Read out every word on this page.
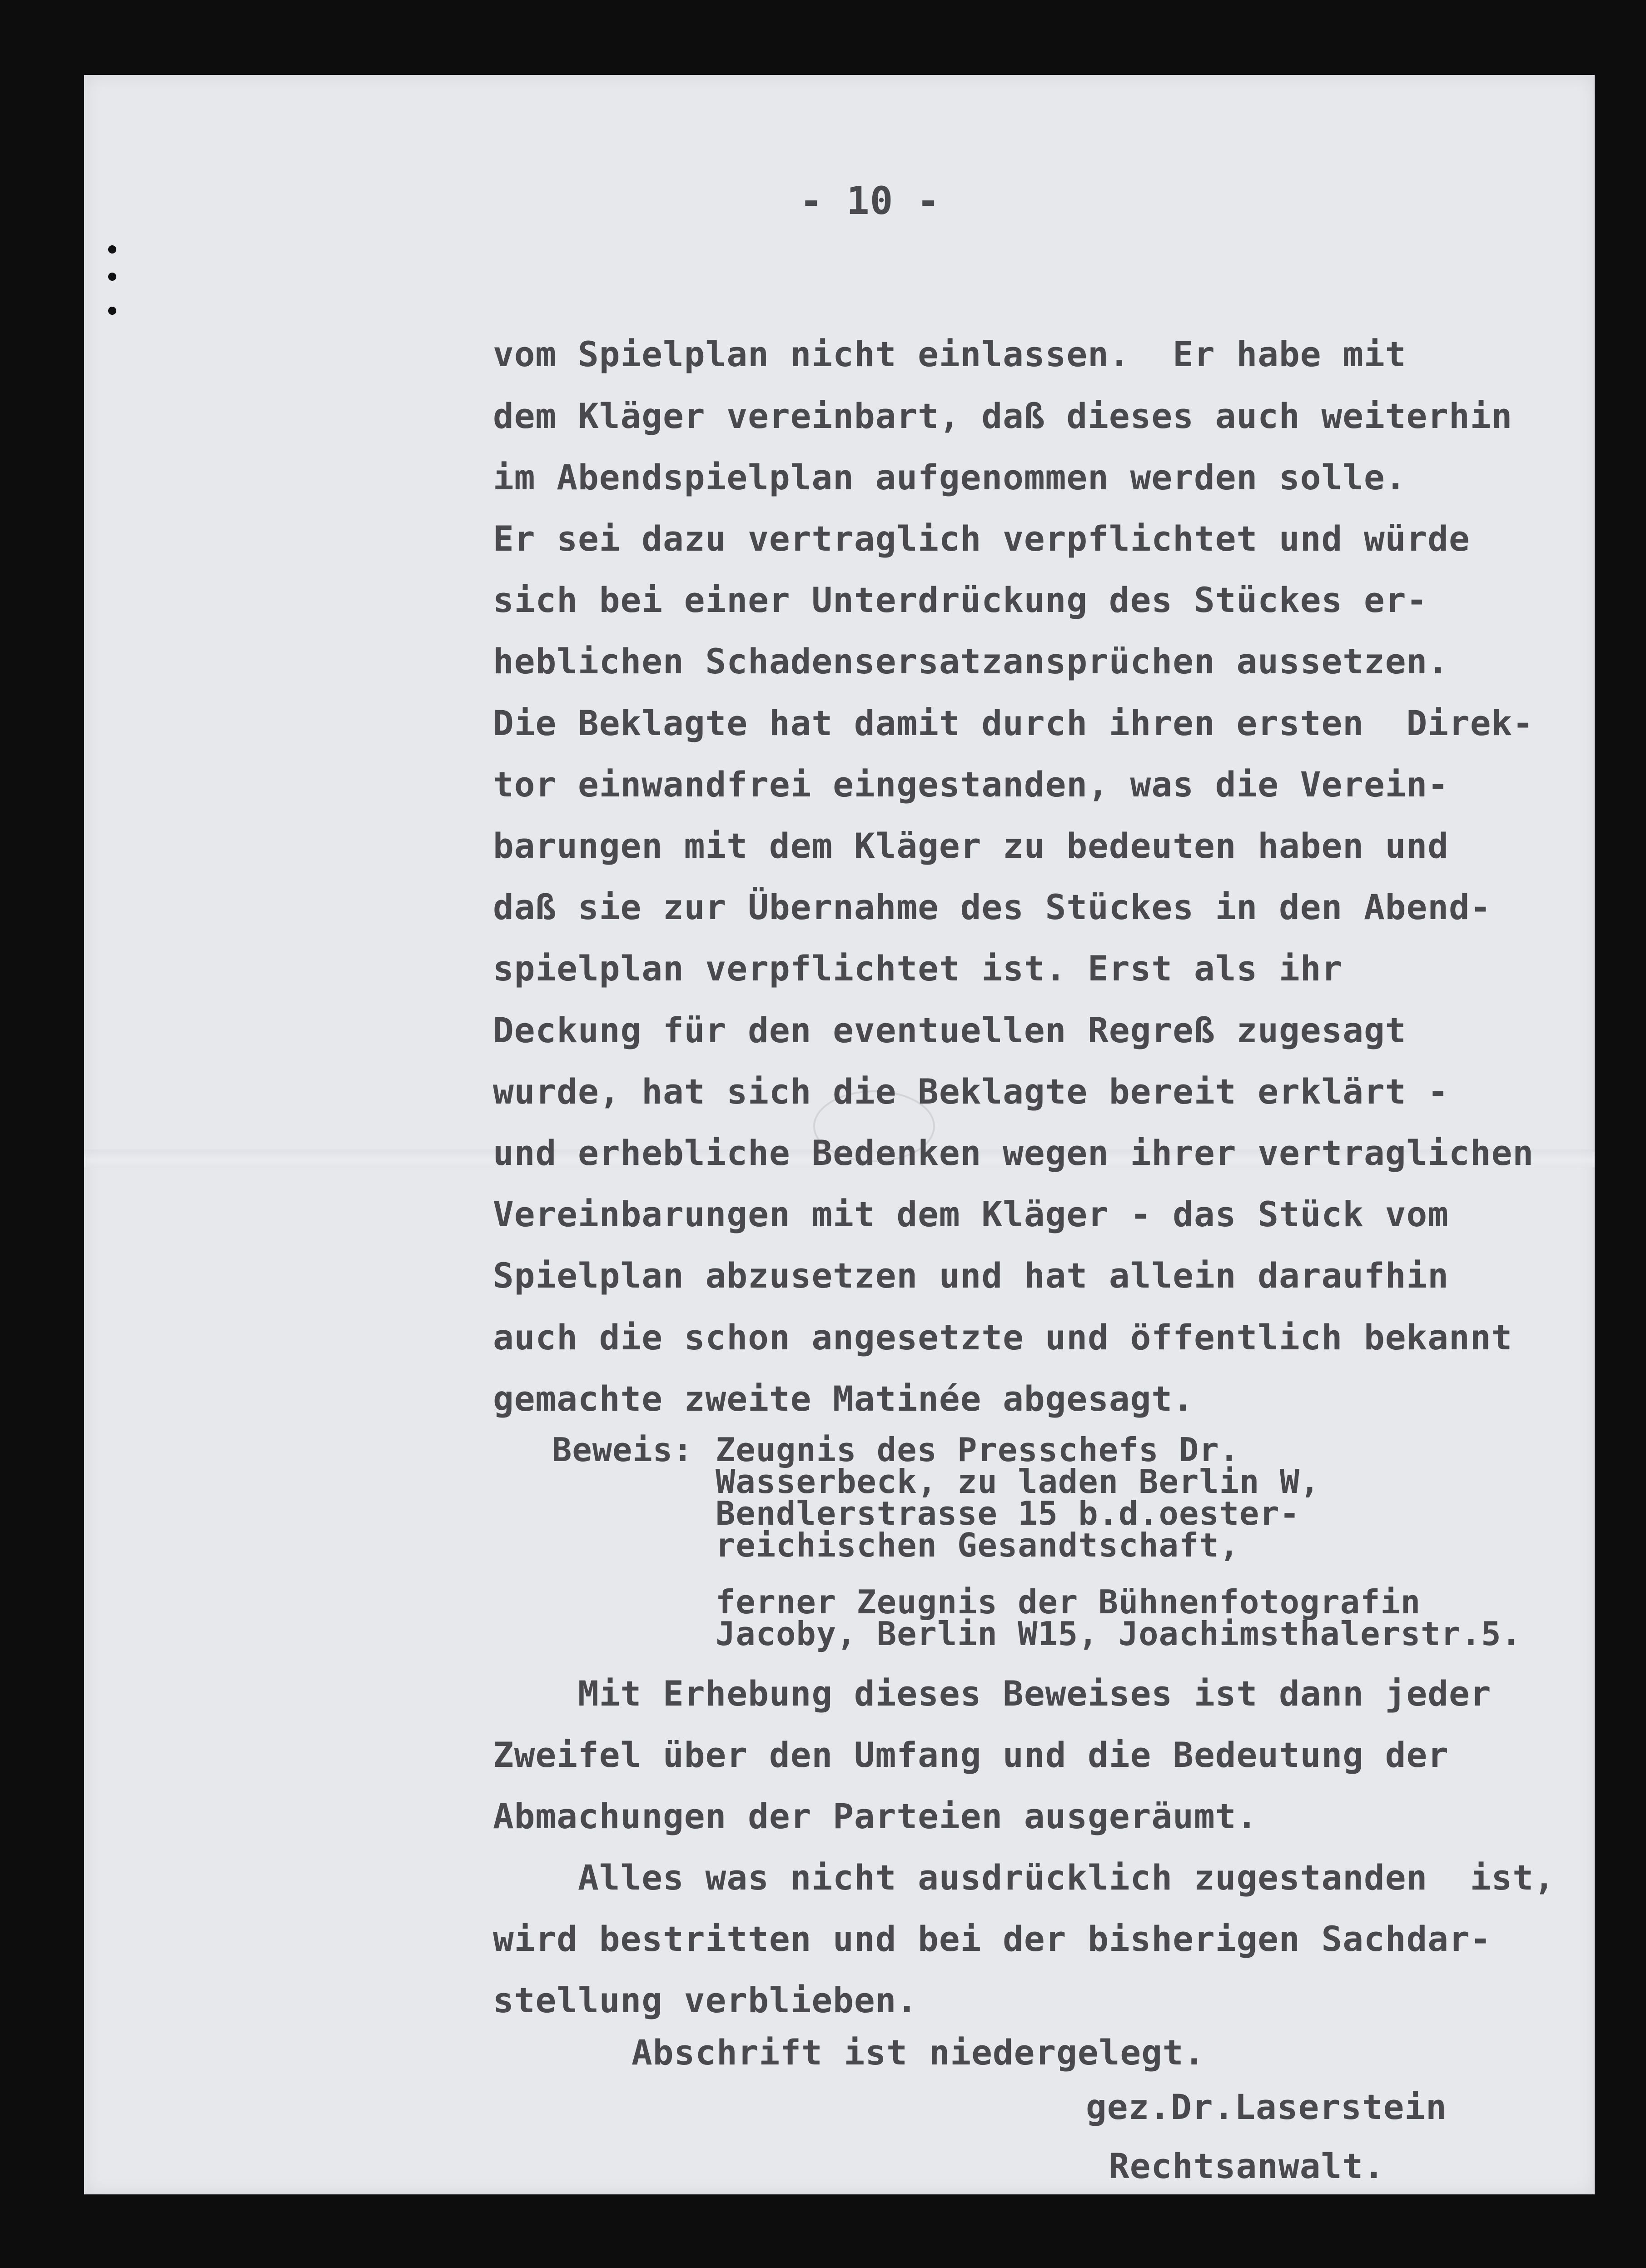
- 10 -
vom Spielplan nicht einlassen.  Er habe mit
dem Kläger vereinbart, daß dieses auch weiterhin
im Abendspielplan aufgenommen werden solle.
Er sei dazu vertraglich verpflichtet und würde
sich bei einer Unterdrückung des Stückes er-
heblichen Schadensersatzansprüchen aussetzen.
Die Beklagte hat damit durch ihren ersten  Direk-
tor einwandfrei eingestanden, was die Verein-
barungen mit dem Kläger zu bedeuten haben und
daß sie zur Übernahme des Stückes in den Abend-
spielplan verpflichtet ist. Erst als ihr
Deckung für den eventuellen Regreß zugesagt
wurde, hat sich die Beklagte bereit erklärt -
und erhebliche Bedenken wegen ihrer vertraglichen
Vereinbarungen mit dem Kläger - das Stück vom
Spielplan abzusetzen und hat allein daraufhin
auch die schon angesetzte und öffentlich bekannt
gemachte zweite Matinée abgesagt.
Beweis: Zeugnis des Presschefs Dr.
Wasserbeck, zu laden Berlin W,
Bendlerstrasse 15 b.d.oester-
reichischen Gesandtschaft,
ferner Zeugnis der Bühnenfotografin
Jacoby, Berlin W15, Joachimsthalerstr.5.
Mit Erhebung dieses Beweises ist dann jeder
Zweifel über den Umfang und die Bedeutung der
Abmachungen der Parteien ausgeräumt.
Alles was nicht ausdrücklich zugestanden  ist,
wird bestritten und bei der bisherigen Sachdar-
stellung verblieben.
Abschrift ist niedergelegt.
gez.Dr.Laserstein
Rechtsanwalt.
